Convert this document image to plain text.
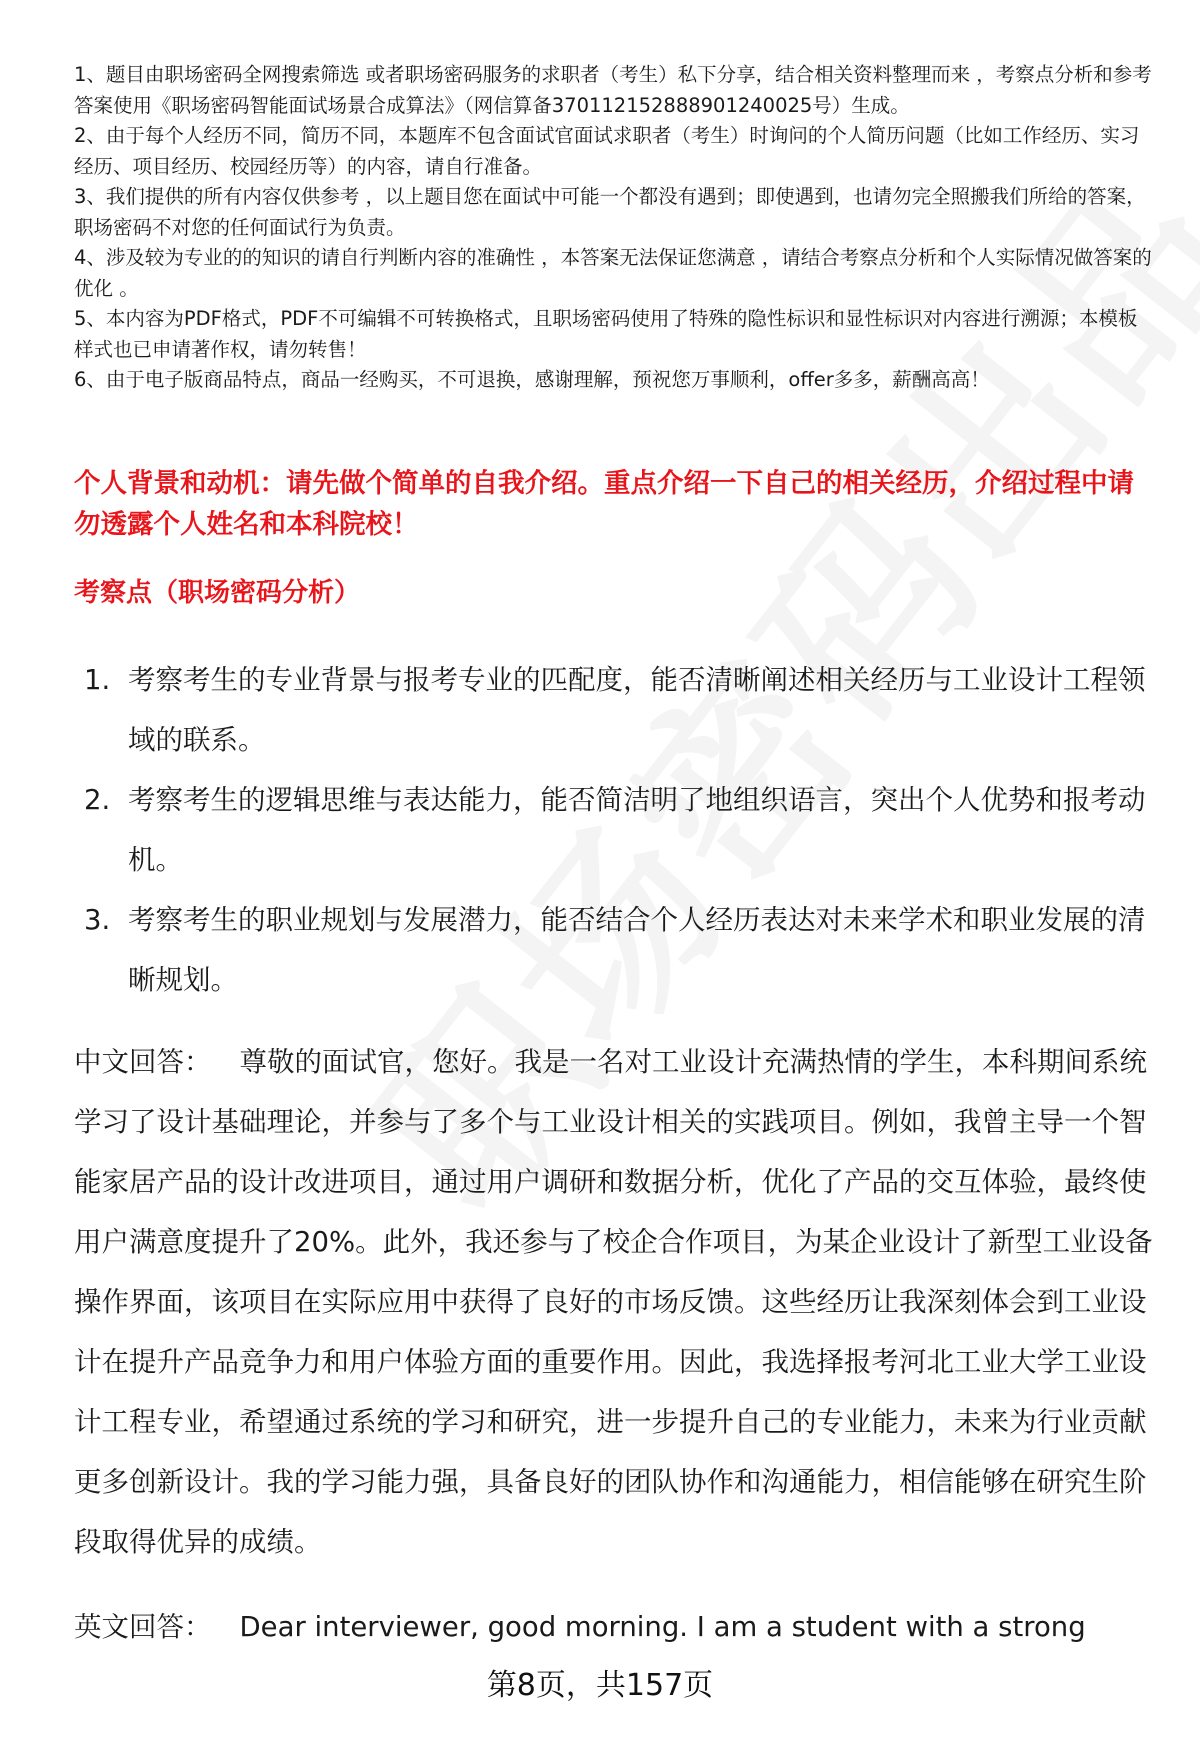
1、题目由职场密码全网搜索筛选 或者职场密码服务的求职者（考生）私下分享，结合相关资料整理而来 ，考察点分析和参考答案使用《职场密码智能面试场景合成算法》（网信算备370112152888901240025号）生成。

2、由于每个人经历不同，简历不同，本题库不包含面试官面试求职者（考生）时询问的个人简历问题（比如工作经历、实习经历、项目经历、校园经历等）的内容，请自行准备。

3、我们提供的所有内容仅供参考 ，以上题目您在面试中可能一个都没有遇到；即使遇到，也请勿完全照搬我们所给的答案，职场密码不对您的任何面试行为负责。

4、涉及较为专业的的知识的请自行判断内容的准确性 ，本答案无法保证您满意 ，请结合考察点分析和个人实际情况做答案的优化 。

5、本内容为PDF格式，PDF不可编辑不可转换格式，且职场密码使用了特殊的隐性标识和显性标识对内容进行溯源；本模板样式也已申请著作权，请勿转售！

6、由于电子版商品特点，商品一经购买，不可退换，感谢理解，预祝您万事顺利，offer多多，薪酬高高！

个人背景和动机：请先做个简单的自我介绍。重点介绍一下自己的相关经历，介绍过程中请勿透露个人姓名和本科院校！
考察点（职场密码分析）
1. 考察考生的专业背景与报考专业的匹配度，能否清晰阐述相关经历与工业设计工程领域的联系。
2. 考察考生的逻辑思维与表达能力，能否简洁明了地组织语言，突出个人优势和报考动机。
3. 考察考生的职业规划与发展潜力，能否结合个人经历表达对未来学术和职业发展的清晰规划。

中文回答： 尊敬的面试官，您好。我是一名对工业设计充满热情的学生，本科期间系统学习了设计基础理论，并参与了多个与工业设计相关的实践项目。例如，我曾主导一个智能家居产品的设计改进项目，通过用户调研和数据分析，优化了产品的交互体验，最终使用户满意度提升了20%。此外，我还参与了校企合作项目，为某企业设计了新型工业设备操作界面，该项目在实际应用中获得了良好的市场反馈。这些经历让我深刻体会到工业设计在提升产品竞争力和用户体验方面的重要作用。因此，我选择报考河北工业大学工业设计工程专业，希望通过系统的学习和研究，进一步提升自己的专业能力，未来为行业贡献更多创新设计。我的学习能力强，具备良好的团队协作和沟通能力，相信能够在研究生阶段取得优异的成绩。

英文回答： Dear interviewer, good morning. I am a student with a strong

第8页，共157页
